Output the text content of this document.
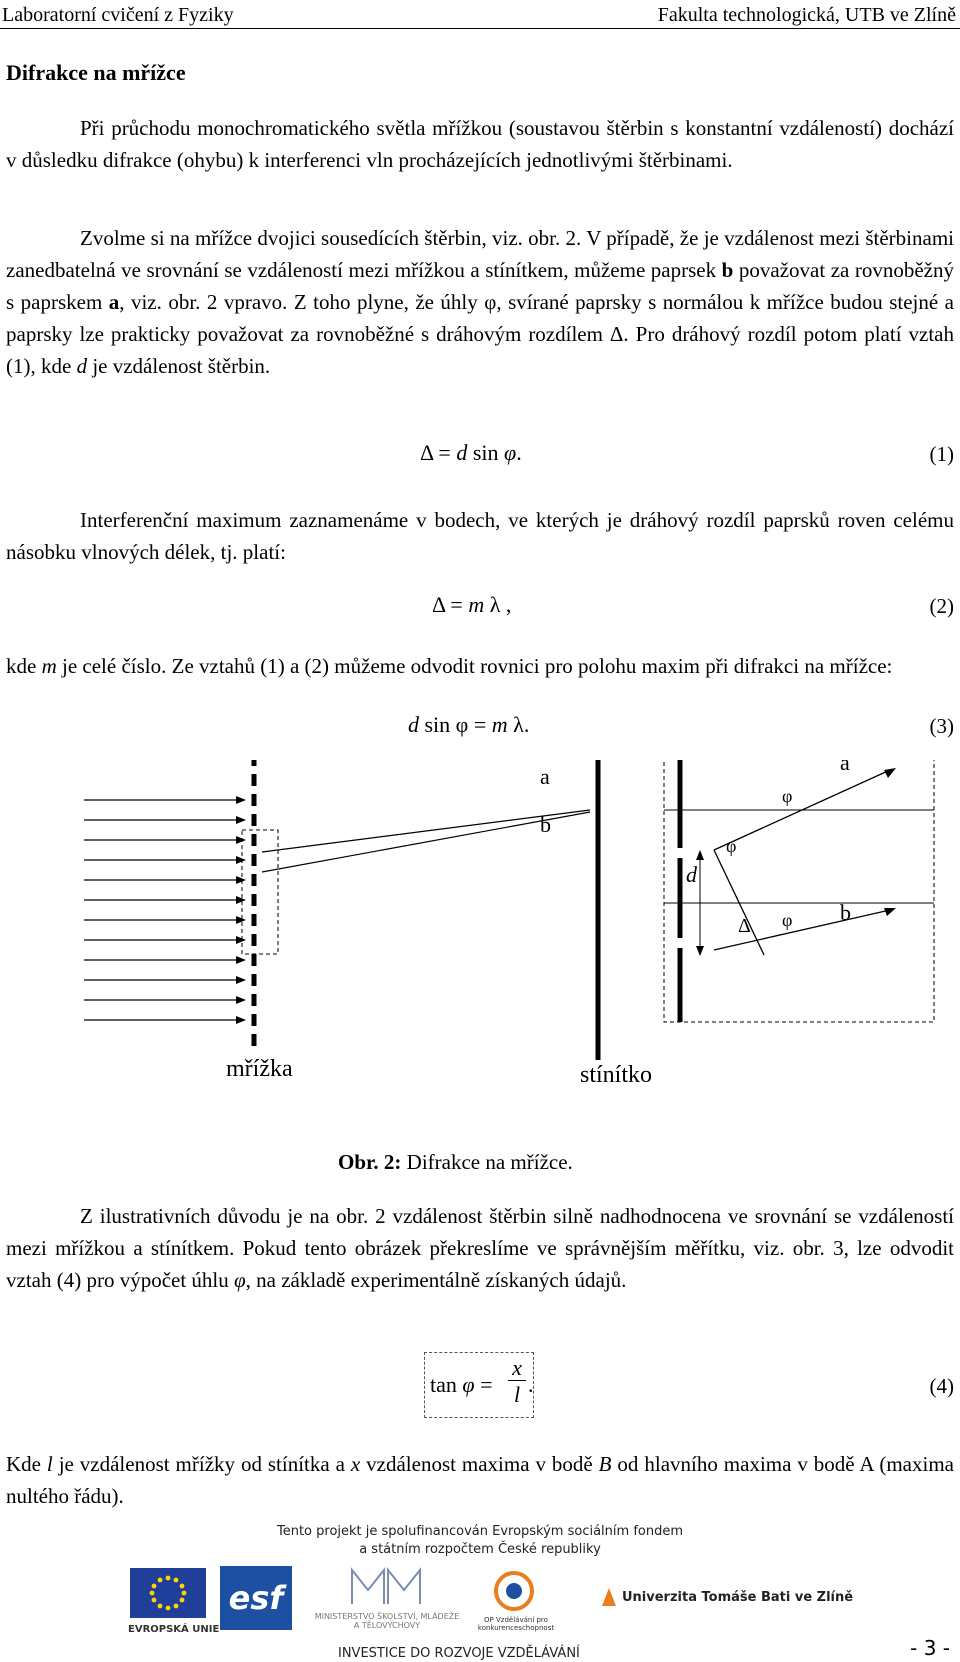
Laboratorní cvičení z Fyziky	Fakulta technologická, UTB ve Zlíně
Difrakce na mřížce
Při průchodu monochromatického světla mřížkou (soustavou štěrbin s konstantní vzdáleností) dochází v důsledku difrakce (ohybu) k interferenci vln procházejících jednotlivými štěrbinami.
Zvolme si na mřížce dvojici sousedících štěrbin, viz. obr. 2. V případě, že je vzdálenost mezi štěrbinami zanedbatelná ve srovnání se vzdáleností mezi mřížkou a stínítkem, můžeme paprsek b považovat za rovnoběžný s paprskem a, viz. obr. 2 vpravo. Z toho plyne, že úhly φ, svírané paprsky s normálou k mřížce budou stejné a paprsky lze prakticky považovat za rovnoběžné s dráhovým rozdílem Δ. Pro dráhový rozdíl potom platí vztah (1), kde d je vzdálenost štěrbin.
Δ = d sin φ.	(1)
Interferenční maximum zaznamenáme v bodech, ve kterých je dráhový rozdíl paprsků roven celému násobku vlnových délek, tj. platí:
Δ = m λ ,	(2)
kde m je celé číslo. Ze vztahů (1) a (2) můžeme odvodit rovnici pro polohu maxim při difrakci na mřížce:
d sin φ = m λ.	(3)
a
b
mřížka	stínítko
a
b
φ
φ
φ
d
Δ
Obr. 2: Difrakce na mřížce.
Z ilustrativních důvodu je na obr. 2 vzdálenost štěrbin silně nadhodnocena ve srovnání se vzdáleností mezi mřížkou a stínítkem. Pokud tento obrázek překreslíme ve správnějším měřítku, viz. obr. 3, lze odvodit vztah (4) pro výpočet úhlu φ, na základě experimentálně získaných údajů.
$\tan \varphi = \frac{x}{l}$ .	(4)
Kde l je vzdálenost mřížky od stínítka a x vzdálenost maxima v bodě B od hlavního maxima v bodě A (maxima nultého řádu).
Tento projekt je spolufinancován Evropským sociálním fondem
a státním rozpočtem České republiky
EVROPSKÁ UNIE
esf	MINISTERSTVO ŠKOLSTVÍ, MLÁDEŽE A TĚLOVÝCHOVY
OP Vzdělávání pro konkurenceschopnost
Univerzita Tomáše Bati ve Zlíně
INVESTICE DO ROZVOJE VZDĚLÁVÁNÍ	- 3 -
